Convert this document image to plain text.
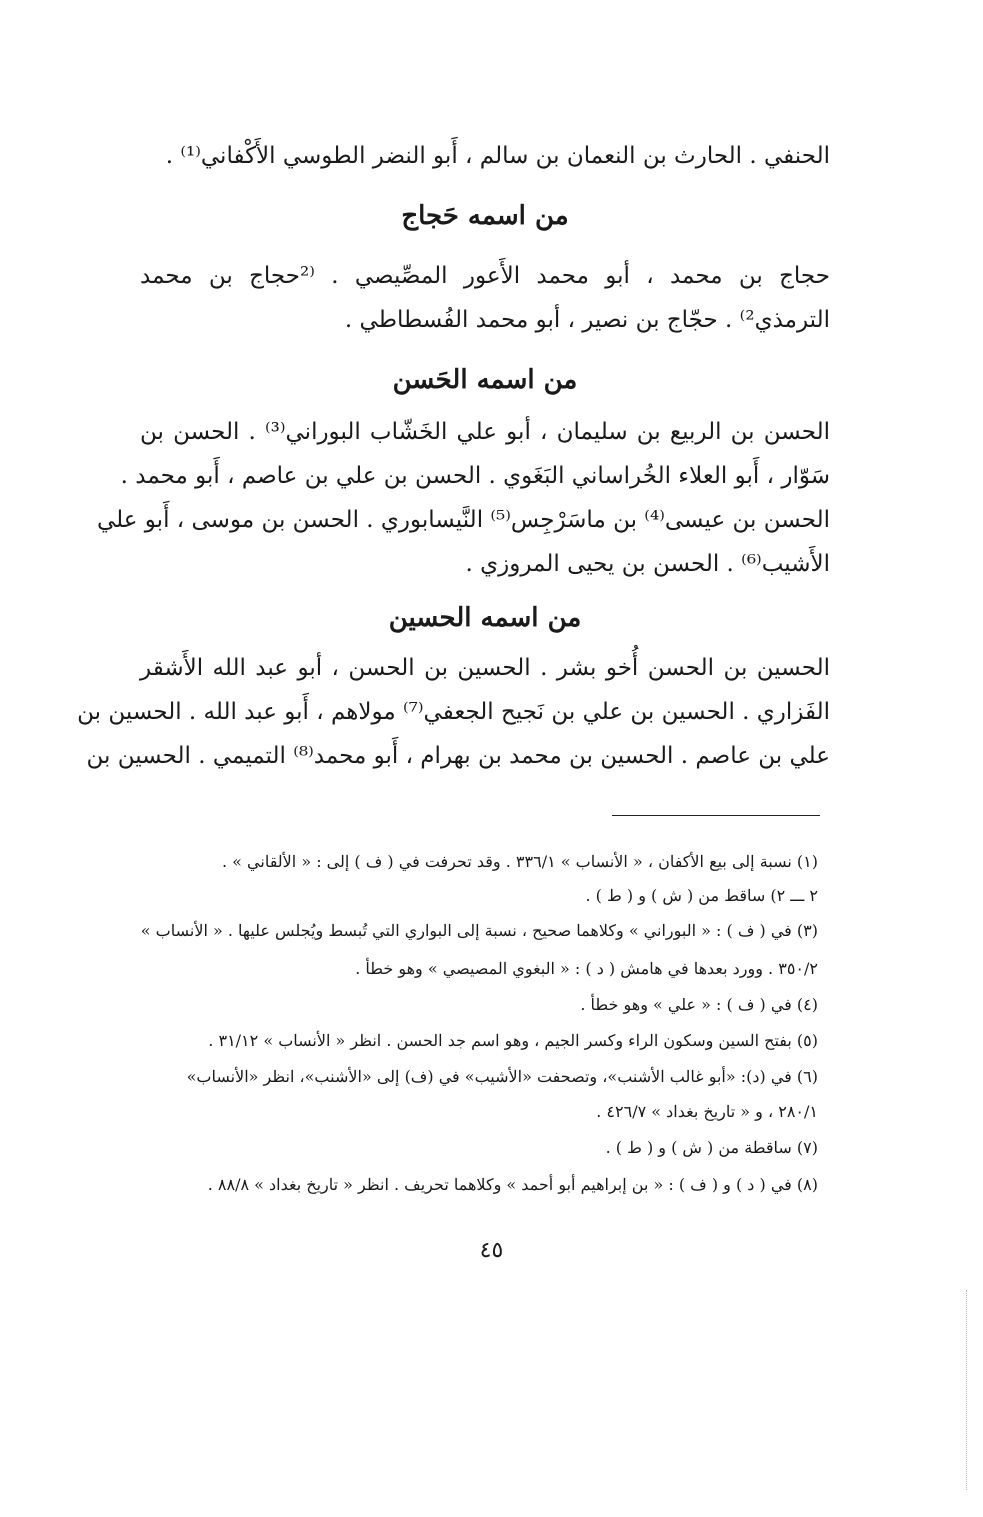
الحنفي . الحارث بن النعمان بن سالم ، أَبو النضر الطوسي الأَكْفاني⁽¹⁾ .
من اسمه حَجاج
حجاج بن محمد ، أبو محمد الأَعور المصِّيصي . ⁽²حجاج بن محمد
الترمذي²⁾ . حجّاج بن نصير ، أبو محمد الفُسطاطي .
من اسمه الحَسن
الحسن بن الربيع بن سليمان ، أبو علي الخَشّاب البوراني⁽³⁾ . الحسن بن
سَوّار ، أَبو العلاء الخُراساني البَغَوي . الحسن بن علي بن عاصم ، أَبو محمد .
الحسن بن عيسى⁽⁴⁾ بن ماسَرْجِس⁽⁵⁾ النَّيسابوري . الحسن بن موسى ، أَبو علي
الأَشيب⁽⁶⁾ . الحسن بن يحيى المروزي .
من اسمه الحسين
الحسين بن الحسن أُخو بشر . الحسين بن الحسن ، أبو عبد الله الأَشقر
الفَزاري . الحسين بن علي بن نَجيح الجعفي⁽⁷⁾ مولاهم ، أَبو عبد الله . الحسين بن
علي بن عاصم . الحسين بن محمد بن بهرام ، أَبو محمد⁽⁸⁾ التميمي . الحسين بن
(١) نسبة إلى بيع الأكفان ، « الأنساب » ٣٣٦/١ . وقد تحرفت في ( ف ) إلى : « الألقاني » .
٢ ـــ ٢) ساقط من ( ش ) و ( ط ) .
(٣) في ( ف ) : « البوراني » وكلاهما صحيح ، نسبة إلى البواري التي تُبسط ويُجلس عليها . « الأنساب »
٣٥٠/٢ . وورد بعدها في هامش ( د ) : « البغوي المصيصي » وهو خطأ .
(٤) في ( ف ) : « علي » وهو خطأ .
(٥) بفتح السين وسكون الراء وكسر الجيم ، وهو اسم جد الحسن . انظر « الأنساب » ٣١/١٢ .
(٦) في (د): «أبو غالب الأشنب»، وتصحفت «الأشيب» في (ف) إلى «الأشنب»، انظر «الأنساب»
٢٨٠/١ ، و « تاريخ بغداد » ٤٢٦/٧ .
(٧) ساقطة من ( ش ) و ( ط ) .
(٨) في ( د ) و ( ف ) : « بن إبراهيم أبو أحمد » وكلاهما تحريف . انظر « تاريخ بغداد » ٨٨/٨ .
٤٥
